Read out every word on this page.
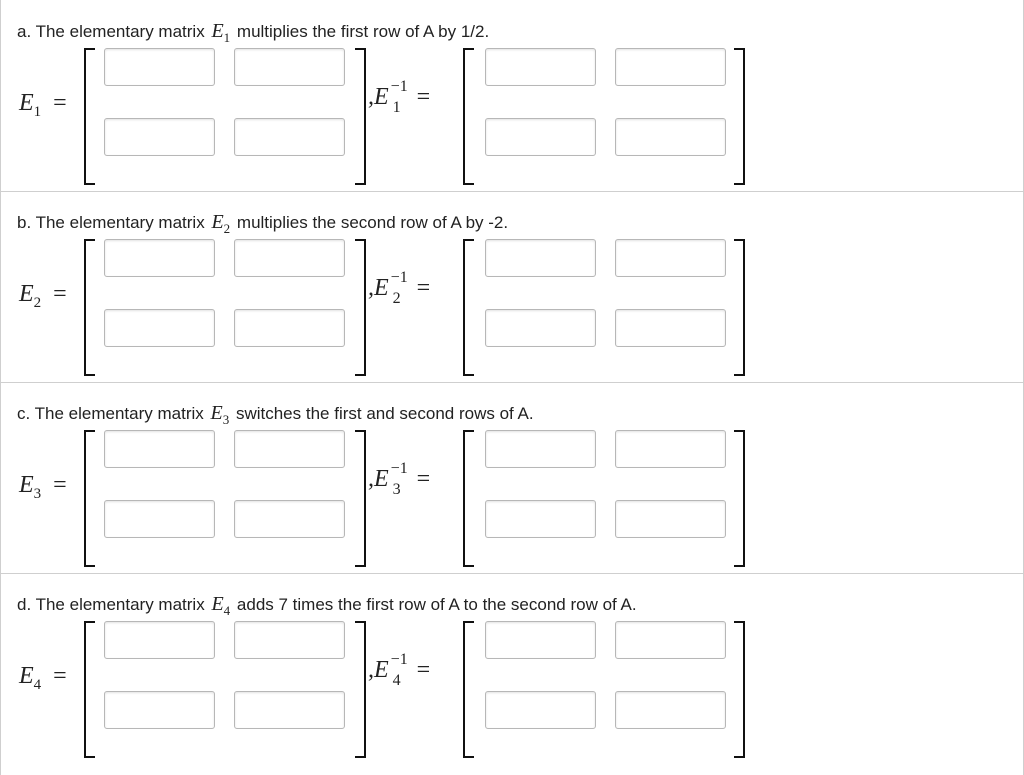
a. The elementary matrix $E_1$ multiplies the first row of A by 1/2.
$E_1$ =	,E −1
1 =
b. The elementary matrix $E_2$ multiplies the second row of A by -2.
$E_2$ =	,E −1
2 =
c. The elementary matrix $E_3$ switches the first and second rows of A.
$E_3$ =	,E −1
3 =
d. The elementary matrix $E_4$ adds 7 times the first row of A to the second row of A.
$E_4$ =	,E −1
4 =
